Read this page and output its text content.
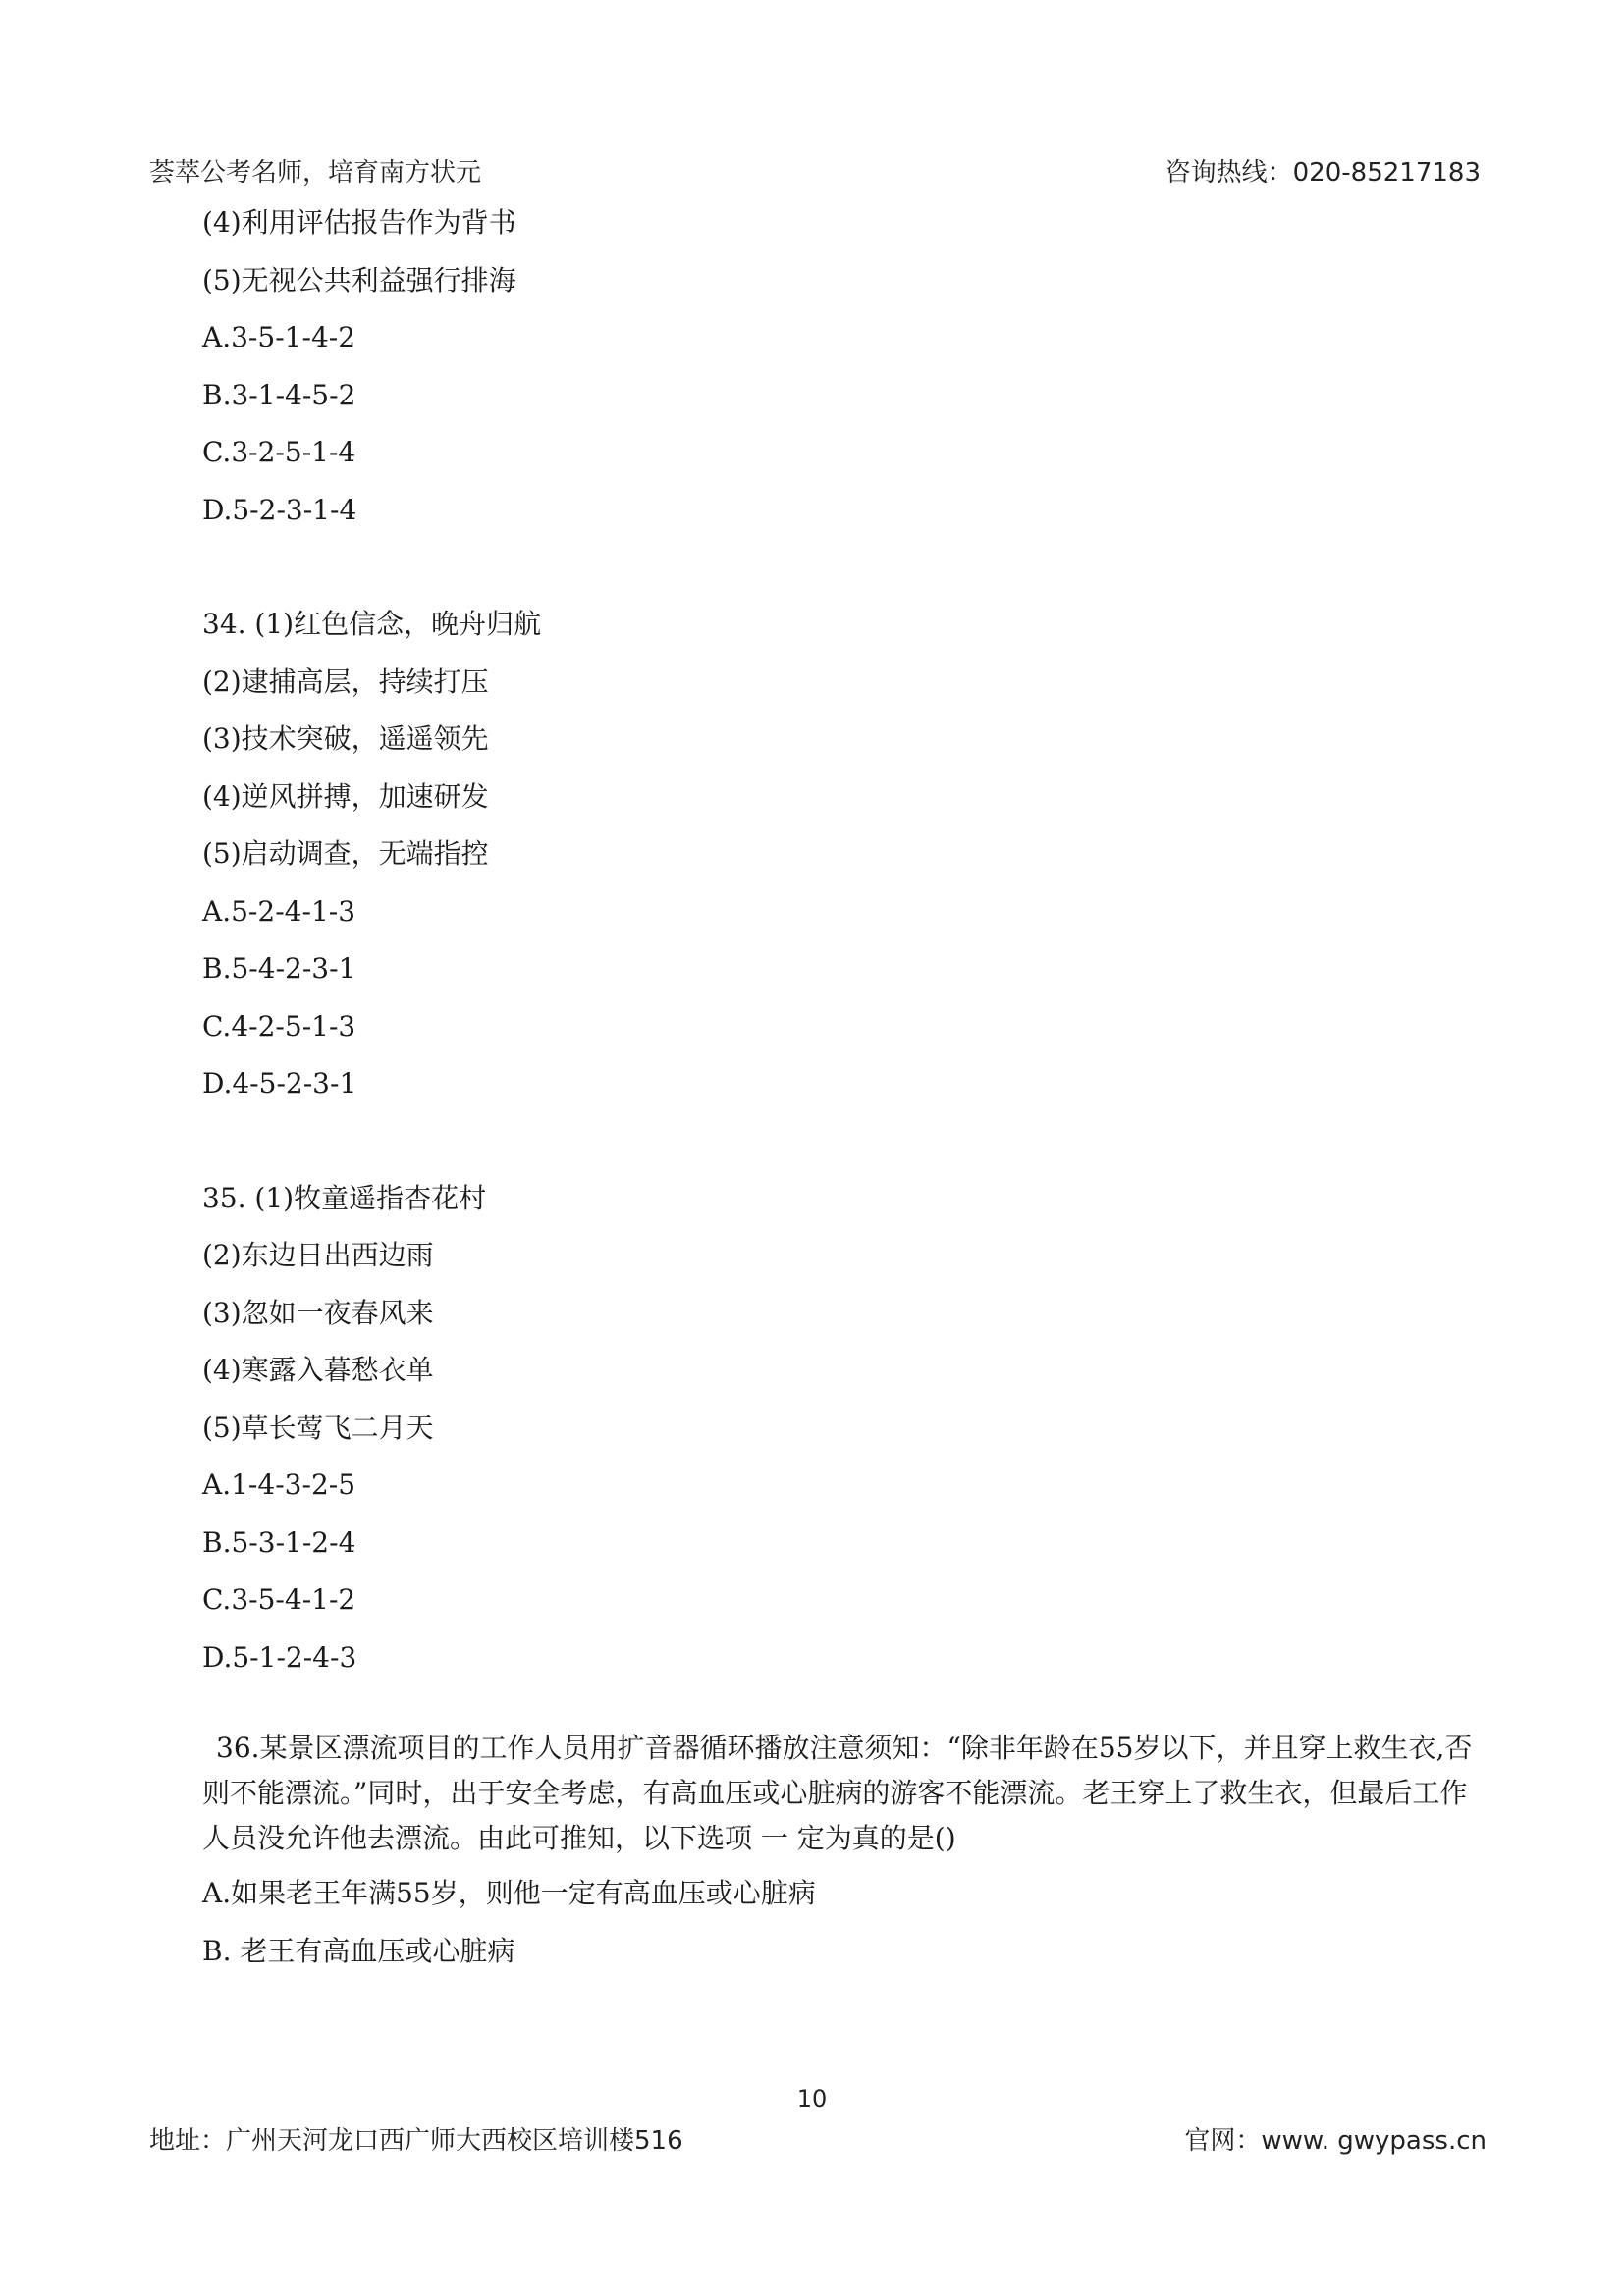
荟萃公考名师，培育南方状元	咨询热线：020-85217183
(4)利用评估报告作为背书
(5)无视公共利益强行排海
A.3-5-1-4-2
B.3-1-4-5-2
C.3-2-5-1-4
D.5-2-3-1-4
34. (1)红色信念，晚舟归航
(2)逮捕高层，持续打压
(3)技术突破，遥遥领先
(4)逆风拼搏，加速研发
(5)启动调查，无端指控
A.5-2-4-1-3
B.5-4-2-3-1
C.4-2-5-1-3
D.4-5-2-3-1
35. (1)牧童遥指杏花村
(2)东边日出西边雨
(3)忽如一夜春风来
(4)寒露入暮愁衣单
(5)草长莺飞二月天
A.1-4-3-2-5
B.5-3-1-2-4
C.3-5-4-1-2
D.5-1-2-4-3
36.某景区漂流项目的工作人员用扩音器循环播放注意须知：“除非年龄在55岁以下，并且穿上救生衣,否则不能漂流。”同时，出于安全考虑，有高血压或心脏病的游客不能漂流。老王穿上了救生衣，但最后工作人员没允许他去漂流。由此可推知，以下选项 一 定为真的是()
A.如果老王年满55岁，则他一定有高血压或心脏病
B. 老王有高血压或心脏病
10
地址：广州天河龙口西广师大西校区培训楼516	官网：www. gwypass.cn
